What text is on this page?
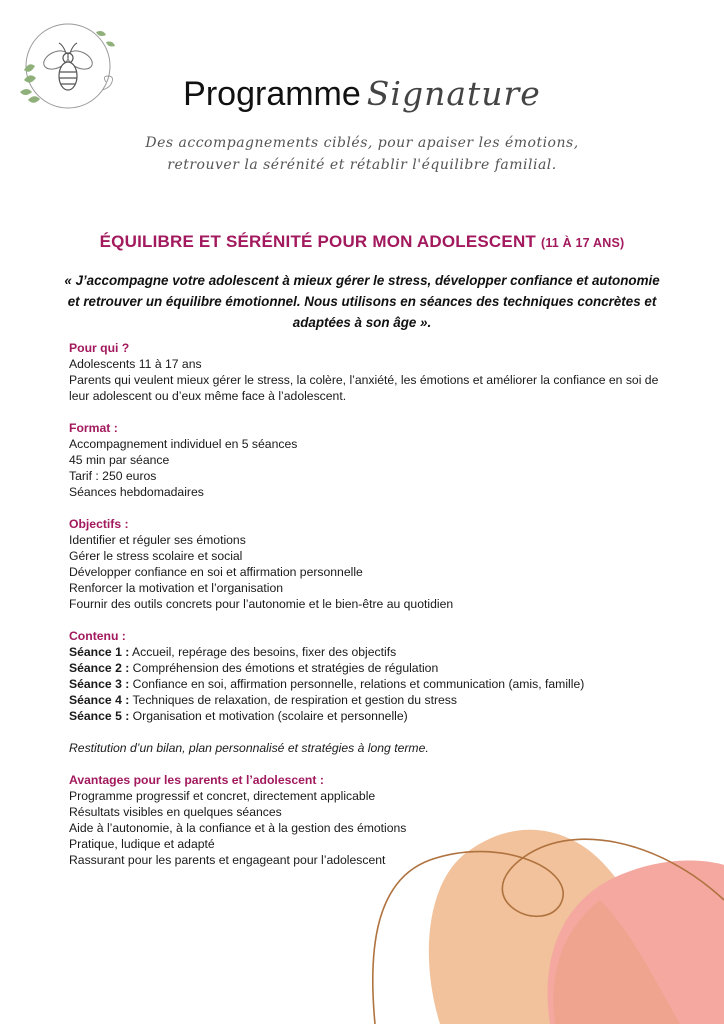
Programme Signature
Des accompagnements ciblés, pour apaiser les émotions,
retrouver la sérénité et rétablir l'équilibre familial.
ÉQUILIBRE ET SÉRÉNITÉ POUR MON ADOLESCENT (11 À 17 ANS)
« J’accompagne votre adolescent à mieux gérer le stress, développer confiance et autonomie et retrouver un équilibre émotionnel. Nous utilisons en séances des techniques concrètes et adaptées à son âge ».
Pour qui ?
Adolescents 11 à 17 ans
Parents qui veulent mieux gérer le stress, la colère, l’anxiété, les émotions et améliorer la confiance en soi de leur adolescent ou d’eux même face à l’adolescent.
Format :
Accompagnement individuel en 5 séances
45 min par séance
Tarif : 250 euros
Séances hebdomadaires
Objectifs :
Identifier et réguler ses émotions
Gérer le stress scolaire et social
Développer confiance en soi et affirmation personnelle
Renforcer la motivation et l’organisation
Fournir des outils concrets pour l’autonomie et le bien-être au quotidien
Contenu :
Séance 1 : Accueil, repérage des besoins, fixer des objectifs
Séance 2 : Compréhension des émotions et stratégies de régulation
Séance 3 : Confiance en soi, affirmation personnelle, relations et communication (amis, famille)
Séance 4 : Techniques de relaxation, de respiration et gestion du stress
Séance 5 : Organisation et motivation (scolaire et personnelle)
Restitution d’un bilan, plan personnalisé et stratégies à long terme.
Avantages pour les parents et l’adolescent :
Programme progressif et concret, directement applicable
Résultats visibles en quelques séances
Aide à l’autonomie, à la confiance et à la gestion des émotions
Pratique, ludique et adapté
Rassurant pour les parents et engageant pour l’adolescent
